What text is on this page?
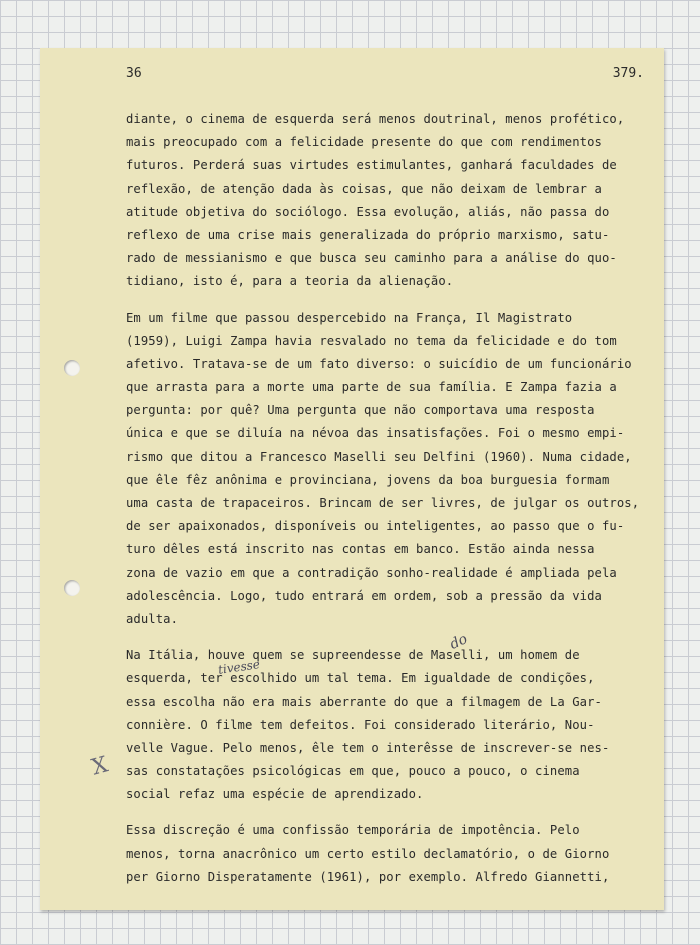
36	379.
diante, o cinema de esquerda será menos doutrinal, menos profético,
mais preocupado com a felicidade presente do que com rendimentos
futuros. Perderá suas virtudes estimulantes, ganhará faculdades de
reflexão, de atenção dada às coisas, que não deixam de lembrar a
atitude objetiva do sociólogo. Essa evolução, aliás, não passa do
reflexo de uma crise mais generalizada do próprio marxismo, satu-
rado de messianismo e que busca seu caminho para a análise do quo-
tidiano, isto é, para a teoria da alienação.
Em um filme que passou despercebido na França, Il Magistrato
(1959), Luigi Zampa havia resvalado no tema da felicidade e do tom
afetivo. Tratava-se de um fato diverso: o suicídio de um funcionário
que arrasta para a morte uma parte de sua família. E Zampa fazia a
pergunta: por quê? Uma pergunta que não comportava uma resposta
única e que se diluía na névoa das insatisfações. Foi o mesmo empi-
rismo que ditou a Francesco Maselli seu Delfini (1960). Numa cidade,
que êle fêz anônima e provinciana, jovens da boa burguesia formam
uma casta de trapaceiros. Brincam de ser livres, de julgar os outros,
de ser apaixonados, disponíveis ou inteligentes, ao passo que o fu-
turo dêles está inscrito nas contas em banco. Estão ainda nessa
zona de vazio em que a contradição sonho-realidade é ampliada pela
adolescência. Logo, tudo entrará em ordem, sob a pressão da vida
adulta.
Na Itália, houve quem se supreendesse de Maselli, um homem de
esquerda, ter escolhido um tal tema. Em igualdade de condições,
essa escolha não era mais aberrante do que a filmagem de La Gar-
connière. O filme tem defeitos. Foi considerado literário, Nou-
velle Vague. Pelo menos, êle tem o interêsse de inscrever-se nes-
sas constatações psicológicas em que, pouco a pouco, o cinema
social refaz uma espécie de aprendizado.
Essa discreção é uma confissão temporária de impotência. Pelo
menos, torna anacrônico um certo estilo declamatório, o de Giorno
per Giorno Disperatamente (1961), por exemplo. Alfredo Giannetti,
do
tivesse
X
